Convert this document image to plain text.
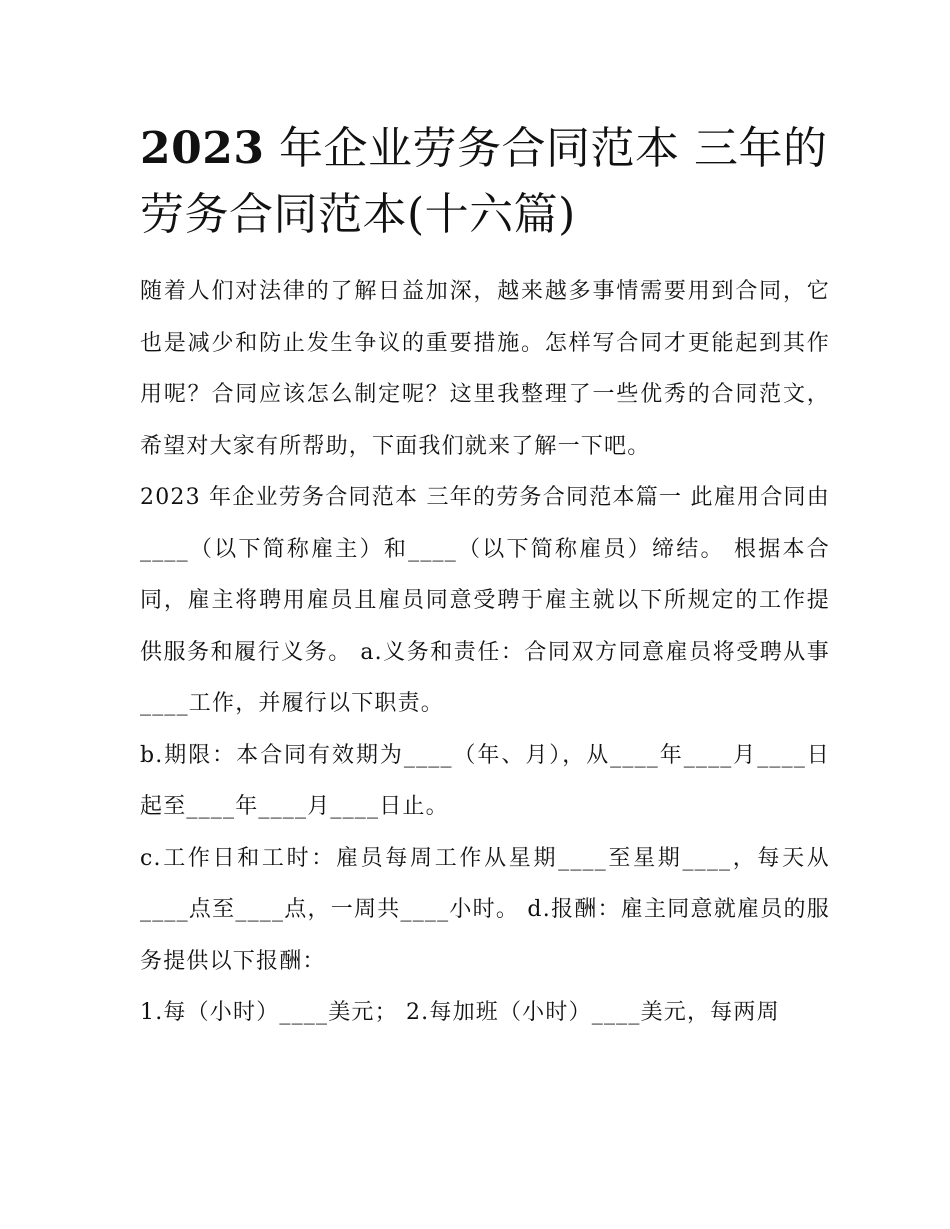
2023 年企业劳务合同范本 三年的劳务合同范本(十六篇)

随着人们对法律的了解日益加深，越来越多事情需要用到合同，它也是减少和防止发生争议的重要措施。怎样写合同才更能起到其作用呢？合同应该怎么制定呢？这里我整理了一些优秀的合同范文，希望对大家有所帮助，下面我们就来了解一下吧。

2023 年企业劳务合同范本 三年的劳务合同范本篇一 此雇用合同由____（以下简称雇主）和____（以下简称雇员）缔结。 根据本合同，雇主将聘用雇员且雇员同意受聘于雇主就以下所规定的工作提供服务和履行义务。 a.义务和责任：合同双方同意雇员将受聘从事____工作，并履行以下职责。

b.期限：本合同有效期为____（年、月），从____年____月____日起至____年____月____日止。

c.工作日和工时：雇员每周工作从星期____至星期____，每天从____点至____点，一周共____小时。 d.报酬：雇主同意就雇员的服务提供以下报酬：

1.每（小时）____美元； 2.每加班（小时）____美元，每两周
